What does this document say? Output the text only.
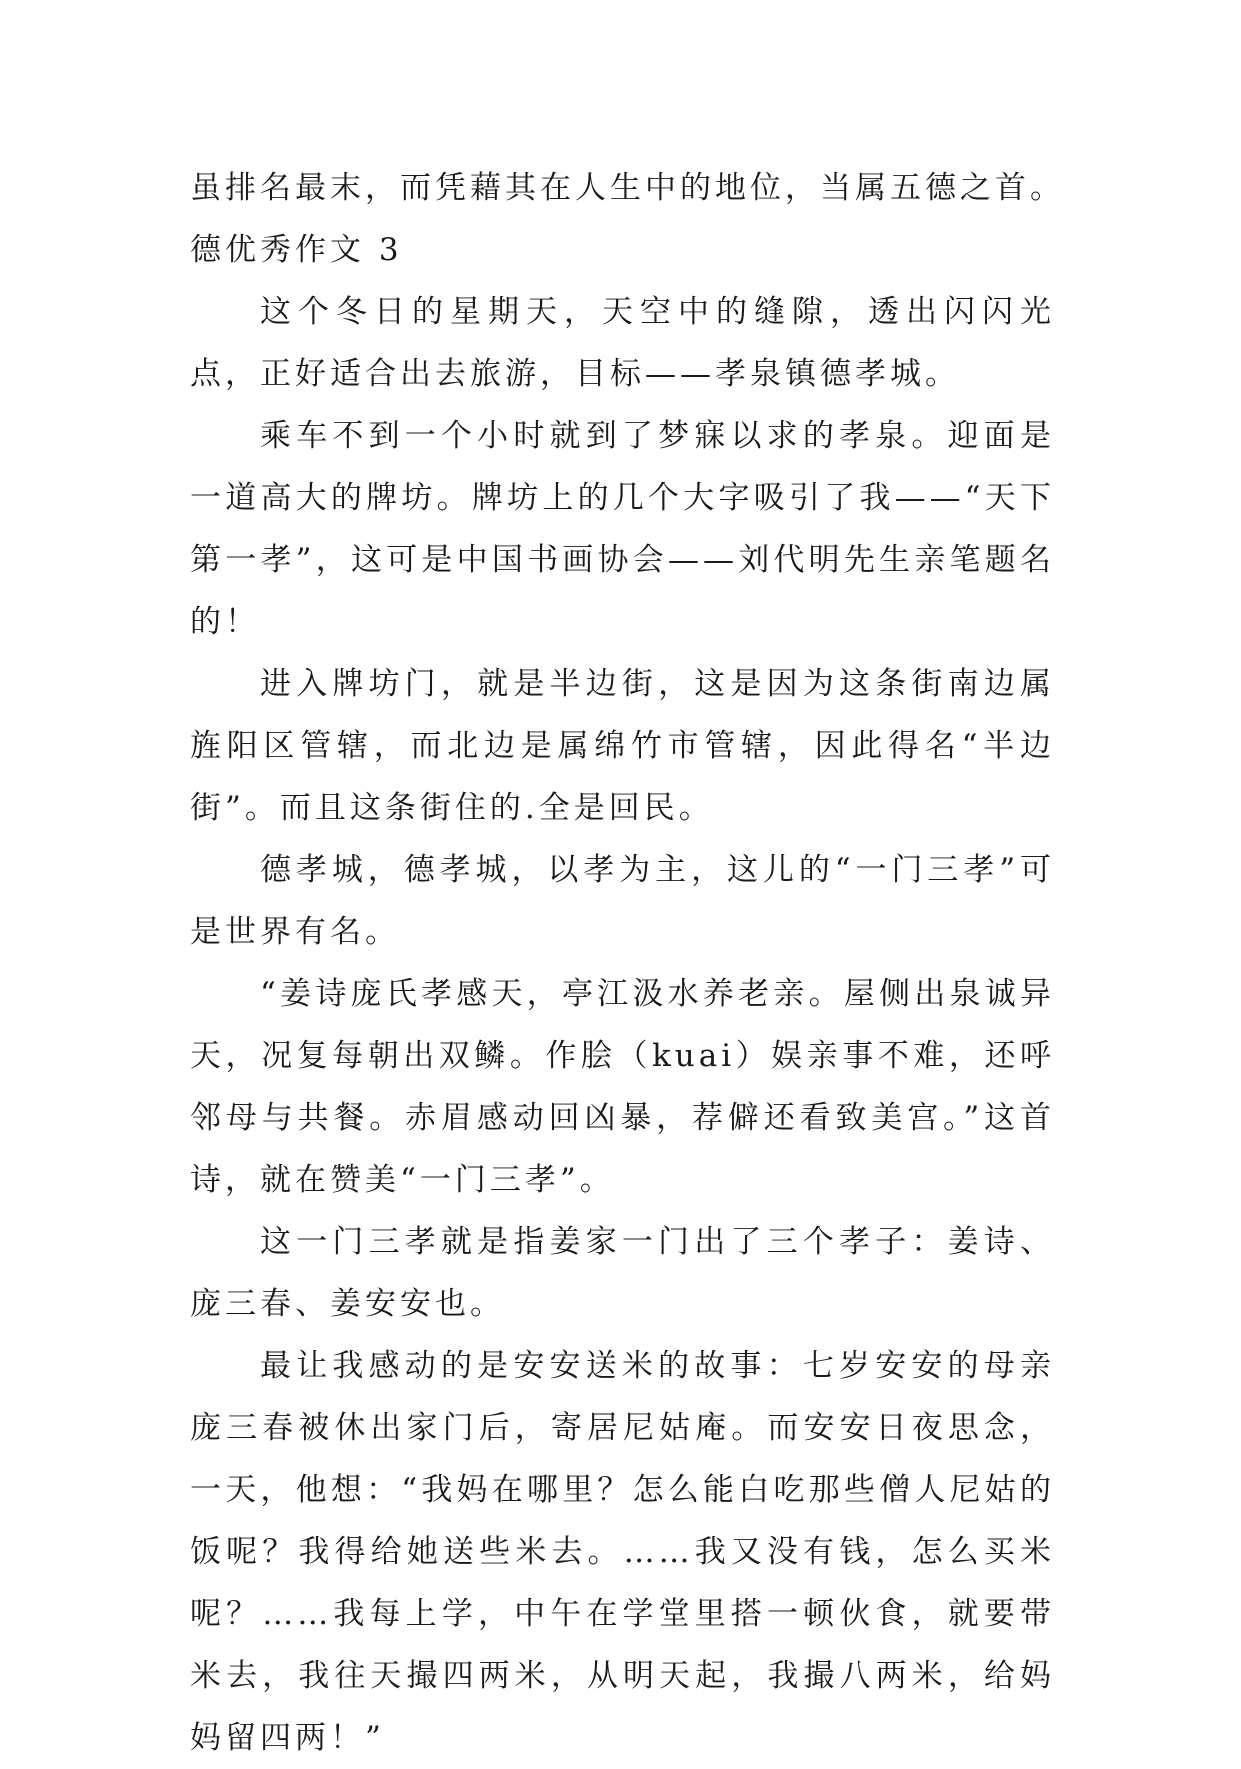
虽排名最末，而凭藉其在人生中的地位，当属五德之首。

德优秀作文 3

这个冬日的星期天，天空中的缝隙，透出闪闪光点，正好适合出去旅游，目标——孝泉镇德孝城。

乘车不到一个小时就到了梦寐以求的孝泉。迎面是一道高大的牌坊。牌坊上的几个大字吸引了我——“天下第一孝”，这可是中国书画协会——刘代明先生亲笔题名的！

进入牌坊门，就是半边街，这是因为这条街南边属旌阳区管辖，而北边是属绵竹市管辖，因此得名“半边街”。而且这条街住的.全是回民。

德孝城，德孝城，以孝为主，这儿的“一门三孝”可是世界有名。

“姜诗庞氏孝感天，亭江汲水养老亲。屋侧出泉诚异天，况复每朝出双鳞。作脍（kuai）娱亲事不难，还呼邻母与共餐。赤眉感动回凶暴，荐僻还看致美宫。”这首诗，就在赞美“一门三孝”。

这一门三孝就是指姜家一门出了三个孝子：姜诗、庞三春、姜安安也。

最让我感动的是安安送米的故事：七岁安安的母亲庞三春被休出家门后，寄居尼姑庵。而安安日夜思念，一天，他想：“我妈在哪里？怎么能白吃那些僧人尼姑的饭呢？我得给她送些米去。……我又没有钱，怎么买米呢？……我每上学，中午在学堂里搭一顿伙食，就要带米去，我往天撮四两米，从明天起，我撮八两米，给妈妈留四两！”
